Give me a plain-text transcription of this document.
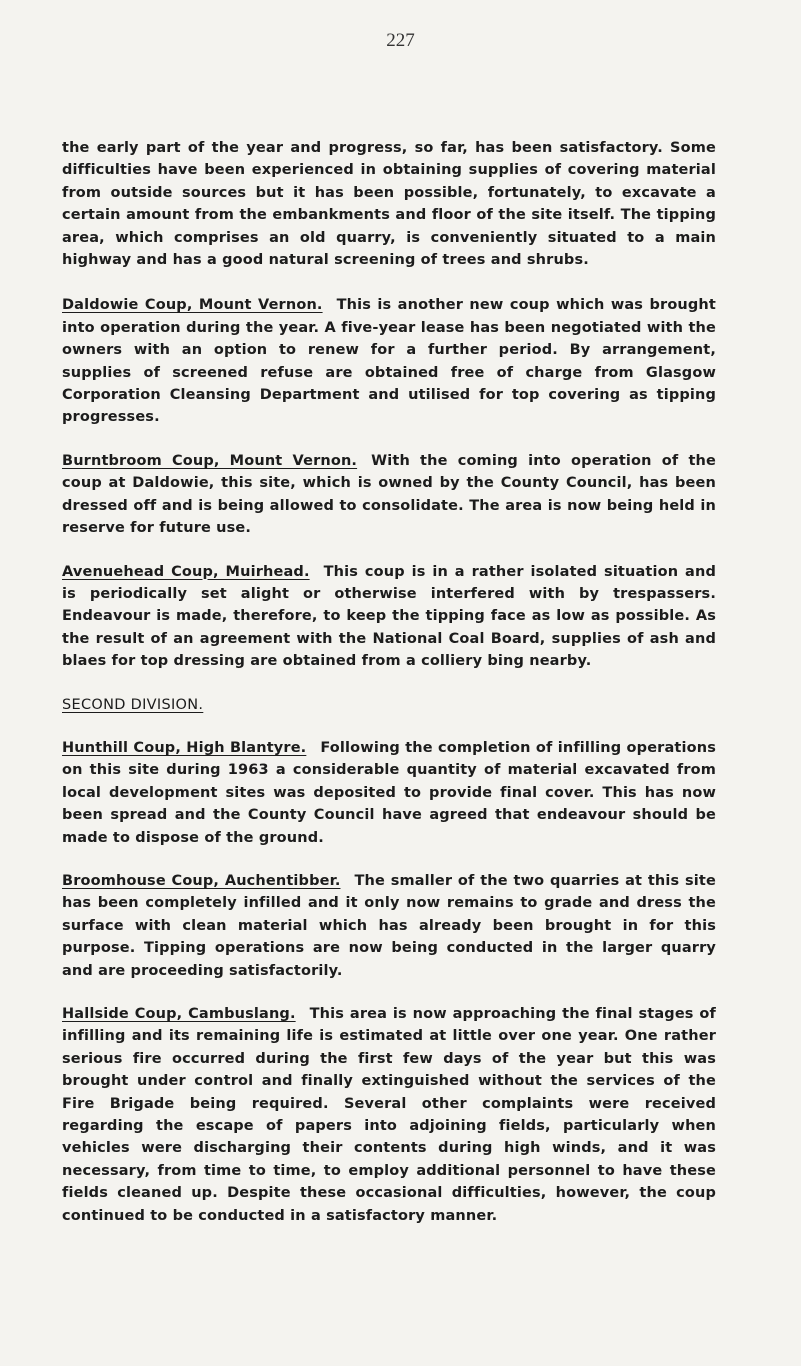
227

the early part of the year and progress, so far, has been satisfactory. Some difficulties have been experienced in obtaining supplies of covering material from outside sources but it has been possible, fortunately, to excavate a certain amount from the embankments and floor of the site itself. The tipping area, which comprises an old quarry, is conveniently situated to a main highway and has a good natural screening of trees and shrubs.

Daldowie Coup, Mount Vernon. This is another new coup which was brought into operation during the year. A five-year lease has been negotiated with the owners with an option to renew for a further period. By arrangement, supplies of screened refuse are obtained free of charge from Glasgow Corporation Cleansing Department and utilised for top covering as tipping progresses.

Burntbroom Coup, Mount Vernon. With the coming into operation of the coup at Daldowie, this site, which is owned by the County Council, has been dressed off and is being allowed to consolidate. The area is now being held in reserve for future use.

Avenuehead Coup, Muirhead. This coup is in a rather isolated situation and is periodically set alight or otherwise interfered with by trespassers. Endeavour is made, therefore, to keep the tipping face as low as possible. As the result of an agreement with the National Coal Board, supplies of ash and blaes for top dressing are obtained from a colliery bing nearby.

SECOND DIVISION.

Hunthill Coup, High Blantyre. Following the completion of infilling operations on this site during 1963 a considerable quantity of material excavated from local development sites was deposited to provide final cover. This has now been spread and the County Council have agreed that endeavour should be made to dispose of the ground.

Broomhouse Coup, Auchentibber. The smaller of the two quarries at this site has been completely infilled and it only now remains to grade and dress the surface with clean material which has already been brought in for this purpose. Tipping operations are now being conducted in the larger quarry and are proceeding satisfactorily.

Hallside Coup, Cambuslang. This area is now approaching the final stages of infilling and its remaining life is estimated at little over one year. One rather serious fire occurred during the first few days of the year but this was brought under control and finally extinguished without the services of the Fire Brigade being required. Several other complaints were received regarding the escape of papers into adjoining fields, particularly when vehicles were discharging their contents during high winds, and it was necessary, from time to time, to employ additional personnel to have these fields cleaned up. Despite these occasional difficulties, however, the coup continued to be conducted in a satisfactory manner.
